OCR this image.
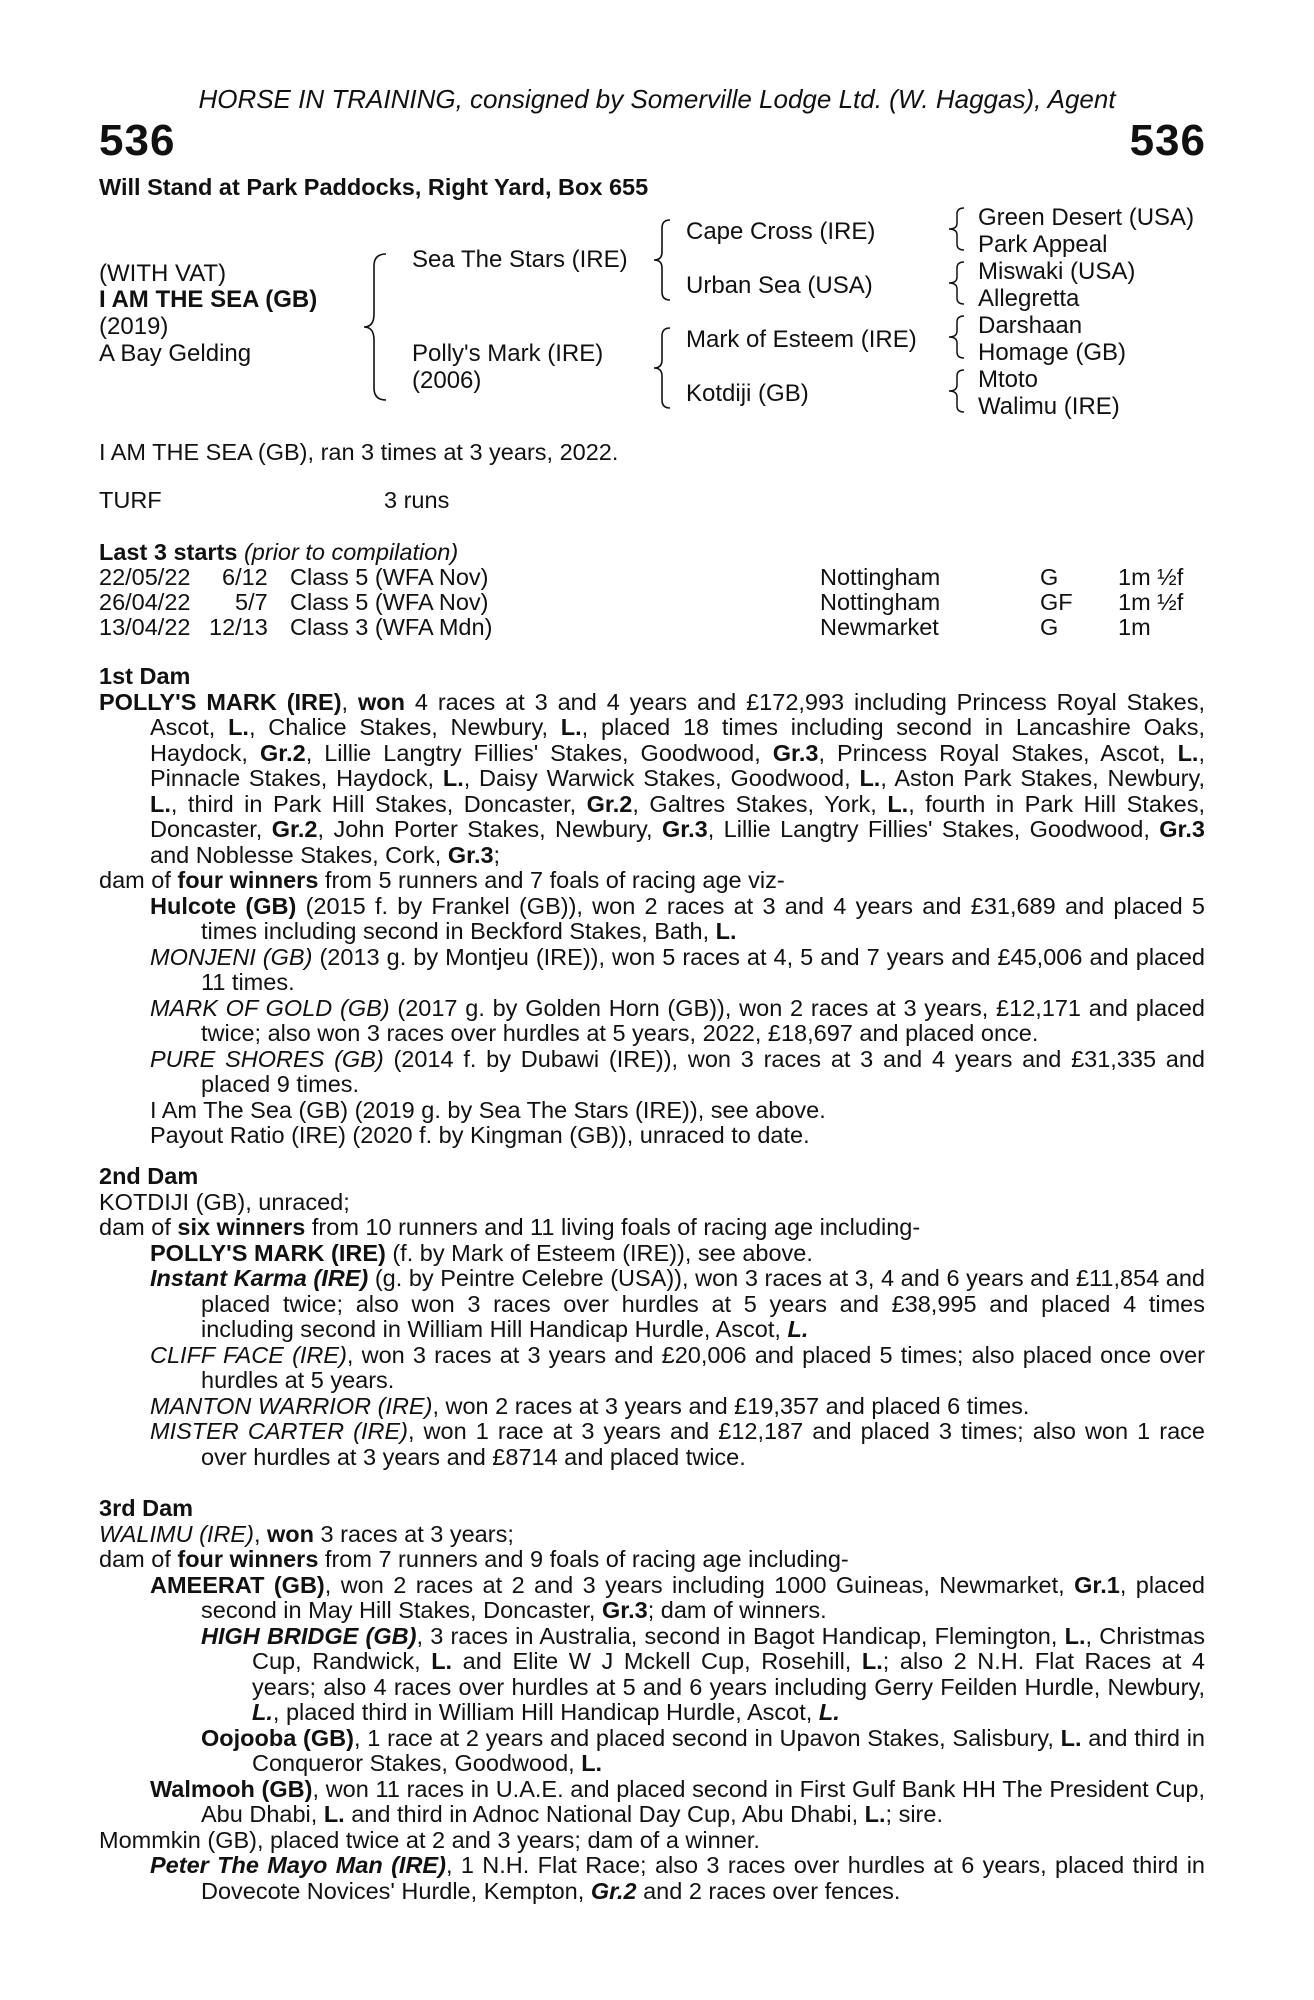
HORSE IN TRAINING, consigned by Somerville Lodge Ltd. (W. Haggas), Agent
536	536
Will Stand at Park Paddocks, Right Yard, Box 655
(WITH VAT)
I AM THE SEA (GB)
(2019)
A Bay Gelding
Sea The Stars (IRE)
Polly's Mark (IRE)
(2006)
Cape Cross (IRE)
Urban Sea (USA)
Mark of Esteem (IRE)
Kotdiji (GB)
Green Desert (USA)
Park Appeal
Miswaki (USA)
Allegretta
Darshaan
Homage (GB)
Mtoto
Walimu (IRE)
I AM THE SEA (GB), ran 3 times at 3 years, 2022.
TURF	3 runs
Last 3 starts (prior to compilation)
22/05/22 6/12 Class 5 (WFA Nov)	Nottingham	G	1m ½f
26/04/22 5/7 Class 5 (WFA Nov)	Nottingham	GF 1m ½f
13/04/22 12/13 Class 3 (WFA Mdn)	Newmarket	G	1m

1st Dam

POLLY'S MARK (IRE), won 4 races at 3 and 4 years and £172,993 including Princess Royal Stakes, Ascot, L., Chalice Stakes, Newbury, L., placed 18 times including second in Lancashire Oaks, Haydock, Gr.2, Lillie Langtry Fillies' Stakes, Goodwood, Gr.3, Princess Royal Stakes, Ascot, L., Pinnacle Stakes, Haydock, L., Daisy Warwick Stakes, Goodwood, L., Aston Park Stakes, Newbury, L., third in Park Hill Stakes, Doncaster, Gr.2, Galtres Stakes, York, L., fourth in Park Hill Stakes, Doncaster, Gr.2, John Porter Stakes, Newbury, Gr.3, Lillie Langtry Fillies' Stakes, Goodwood, Gr.3 and Noblesse Stakes, Cork, Gr.3;

dam of four winners from 5 runners and 7 foals of racing age viz-

Hulcote (GB) (2015 f. by Frankel (GB)), won 2 races at 3 and 4 years and £31,689 and placed 5 times including second in Beckford Stakes, Bath, L.

MONJENI (GB) (2013 g. by Montjeu (IRE)), won 5 races at 4, 5 and 7 years and £45,006 and placed 11 times.

MARK OF GOLD (GB) (2017 g. by Golden Horn (GB)), won 2 races at 3 years, £12,171 and placed twice; also won 3 races over hurdles at 5 years, 2022, £18,697 and placed once.

PURE SHORES (GB) (2014 f. by Dubawi (IRE)), won 3 races at 3 and 4 years and £31,335 and placed 9 times.

I Am The Sea (GB) (2019 g. by Sea The Stars (IRE)), see above.

Payout Ratio (IRE) (2020 f. by Kingman (GB)), unraced to date.

2nd Dam

KOTDIJI (GB), unraced;

dam of six winners from 10 runners and 11 living foals of racing age including-

POLLY'S MARK (IRE) (f. by Mark of Esteem (IRE)), see above.

Instant Karma (IRE) (g. by Peintre Celebre (USA)), won 3 races at 3, 4 and 6 years and £11,854 and placed twice; also won 3 races over hurdles at 5 years and £38,995 and placed 4 times including second in William Hill Handicap Hurdle, Ascot, L.

CLIFF FACE (IRE), won 3 races at 3 years and £20,006 and placed 5 times; also placed once over hurdles at 5 years.

MANTON WARRIOR (IRE), won 2 races at 3 years and £19,357 and placed 6 times.

MISTER CARTER (IRE), won 1 race at 3 years and £12,187 and placed 3 times; also won 1 race over hurdles at 3 years and £8714 and placed twice.

3rd Dam

WALIMU (IRE), won 3 races at 3 years;

dam of four winners from 7 runners and 9 foals of racing age including-

AMEERAT (GB), won 2 races at 2 and 3 years including 1000 Guineas, Newmarket, Gr.1, placed second in May Hill Stakes, Doncaster, Gr.3; dam of winners.

HIGH BRIDGE (GB), 3 races in Australia, second in Bagot Handicap, Flemington, L., Christmas Cup, Randwick, L. and Elite W J Mckell Cup, Rosehill, L.; also 2 N.H. Flat Races at 4 years; also 4 races over hurdles at 5 and 6 years including Gerry Feilden Hurdle, Newbury, L., placed third in William Hill Handicap Hurdle, Ascot, L.

Oojooba (GB), 1 race at 2 years and placed second in Upavon Stakes, Salisbury, L. and third in Conqueror Stakes, Goodwood, L.

Walmooh (GB), won 11 races in U.A.E. and placed second in First Gulf Bank HH The President Cup, Abu Dhabi, L. and third in Adnoc National Day Cup, Abu Dhabi, L.; sire.

Mommkin (GB), placed twice at 2 and 3 years; dam of a winner.

Peter The Mayo Man (IRE), 1 N.H. Flat Race; also 3 races over hurdles at 6 years, placed third in Dovecote Novices' Hurdle, Kempton, Gr.2 and 2 races over fences.
